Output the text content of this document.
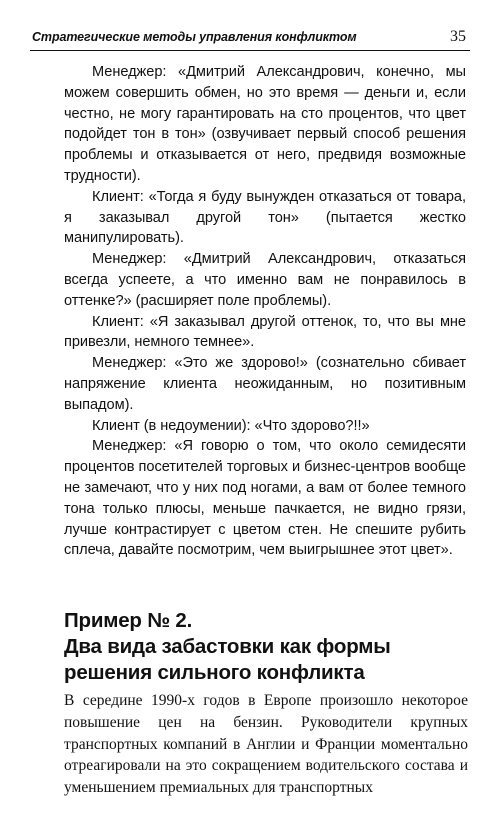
Стратегические методы управления конфликтом	35

Менеджер: «Дмитрий Александрович, конечно, мы можем совершить обмен, но это время — деньги и, если честно, не могу гарантировать на сто процентов, что цвет подойдет тон в тон» (озвучивает первый способ решения проблемы и отказывается от него, предвидя возможные трудности).

Клиент: «Тогда я буду вынужден отказаться от товара, я заказывал другой тон» (пытается жестко манипулировать).

Менеджер: «Дмитрий Александрович, отказаться всегда успеете, а что именно вам не понравилось в оттенке?» (расширяет поле проблемы).

Клиент: «Я заказывал другой оттенок, то, что вы мне привезли, немного темнее».

Менеджер: «Это же здорово!» (сознательно сбивает напряжение клиента неожиданным, но позитивным выпадом).

Клиент (в недоумении): «Что здорово?!!»

Менеджер: «Я говорю о том, что около семидесяти процентов посетителей торговых и бизнес-центров вообще не замечают, что у них под ногами, а вам от более темного тона только плюсы, меньше пачкается, не видно грязи, лучше контрастирует с цветом стен. Не спешите рубить сплеча, давайте посмотрим, чем выигрышнее этот цвет».

Пример № 2.
Два вида забастовки как формы
решения сильного конфликта

В середине 1990-х годов в Европе произошло некоторое повышение цен на бензин. Руководители крупных транспортных компаний в Англии и Франции моментально отреагировали на это сокращением водительского состава и уменьшением премиальных для транспортных
